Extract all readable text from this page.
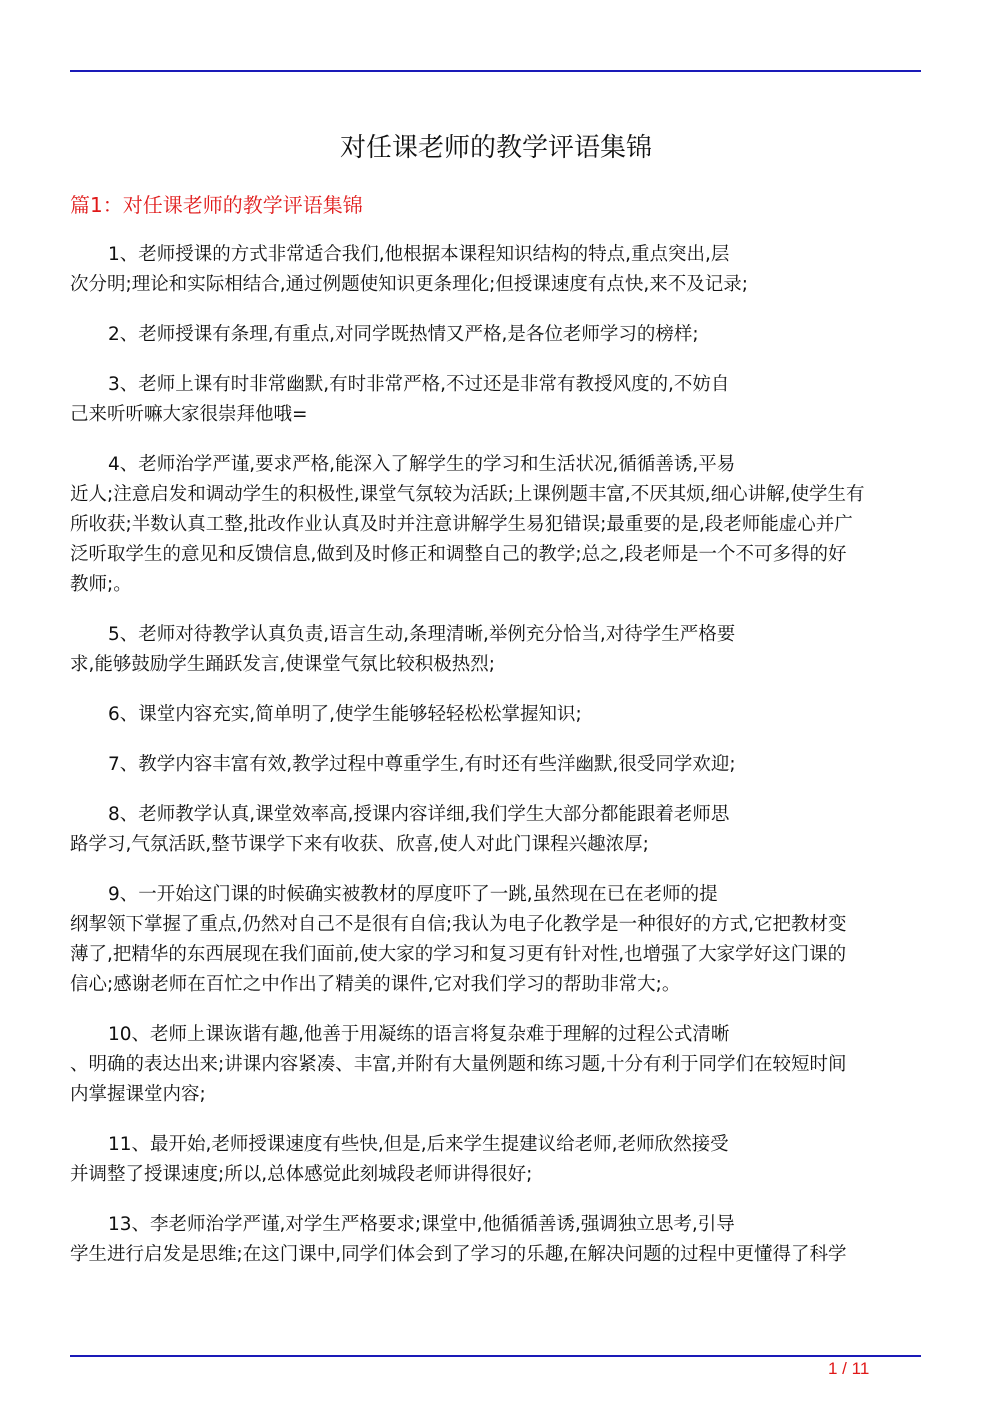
对任课老师的教学评语集锦
篇1：对任课老师的教学评语集锦
1、老师授课的方式非常适合我们,他根据本课程知识结构的特点,重点突出,层
次分明;理论和实际相结合,通过例题使知识更条理化;但授课速度有点快,来不及记录;
2、老师授课有条理,有重点,对同学既热情又严格,是各位老师学习的榜样;
3、老师上课有时非常幽默,有时非常严格,不过还是非常有教授风度的,不妨自
己来听听嘛大家很崇拜他哦=
4、老师治学严谨,要求严格,能深入了解学生的学习和生活状况,循循善诱,平易
近人;注意启发和调动学生的积极性,课堂气氛较为活跃;上课例题丰富,不厌其烦,细心讲解,使学生有
所收获;半数认真工整,批改作业认真及时并注意讲解学生易犯错误;最重要的是,段老师能虚心并广
泛听取学生的意见和反馈信息,做到及时修正和调整自己的教学;总之,段老师是一个不可多得的好
教师;。
5、老师对待教学认真负责,语言生动,条理清晰,举例充分恰当,对待学生严格要
求,能够鼓励学生踊跃发言,使课堂气氛比较积极热烈;
6、课堂内容充实,简单明了,使学生能够轻轻松松掌握知识;
7、教学内容丰富有效,教学过程中尊重学生,有时还有些洋幽默,很受同学欢迎;
8、老师教学认真,课堂效率高,授课内容详细,我们学生大部分都能跟着老师思
路学习,气氛活跃,整节课学下来有收获、欣喜,使人对此门课程兴趣浓厚;
9、一开始这门课的时候确实被教材的厚度吓了一跳,虽然现在已在老师的提
纲挈领下掌握了重点,仍然对自己不是很有自信;我认为电子化教学是一种很好的方式,它把教材变
薄了,把精华的东西展现在我们面前,使大家的学习和复习更有针对性,也增强了大家学好这门课的
信心;感谢老师在百忙之中作出了精美的课件,它对我们学习的帮助非常大;。
10、老师上课诙谐有趣,他善于用凝练的语言将复杂难于理解的过程公式清晰
、明确的表达出来;讲课内容紧凑、丰富,并附有大量例题和练习题,十分有利于同学们在较短时间
内掌握课堂内容;
11、最开始,老师授课速度有些快,但是,后来学生提建议给老师,老师欣然接受
并调整了授课速度;所以,总体感觉此刻城段老师讲得很好;
13、李老师治学严谨,对学生严格要求;课堂中,他循循善诱,强调独立思考,引导
学生进行启发是思维;在这门课中,同学们体会到了学习的乐趣,在解决问题的过程中更懂得了科学
1 / 11
